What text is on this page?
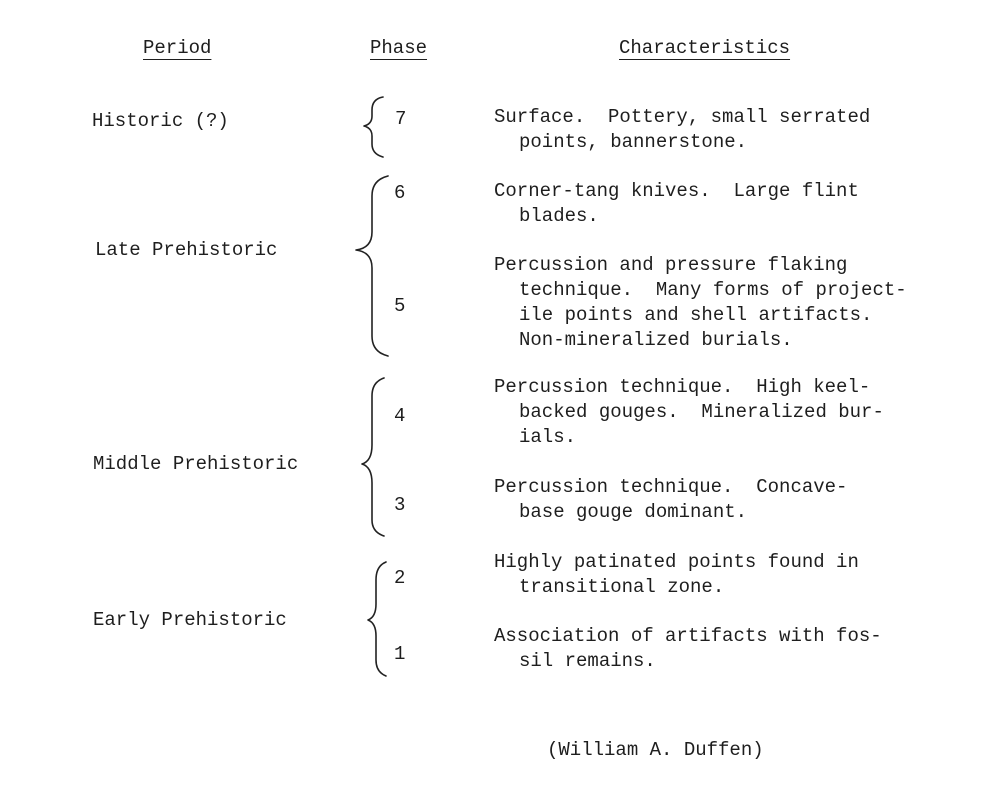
Period	Phase	Characteristics
Historic (?)
Late Prehistoric
Middle Prehistoric
Early Prehistoric
7
6
5
4
3
2
1
Surface.  Pottery, small serrated
points, bannerstone.
Corner-tang knives.  Large flint
blades.
Percussion and pressure flaking
technique.  Many forms of project-
ile points and shell artifacts.
Non-mineralized burials.
Percussion technique.  High keel-
backed gouges.  Mineralized bur-
ials.
Percussion technique.  Concave-
base gouge dominant.
Highly patinated points found in
transitional zone.
Association of artifacts with fos-
sil remains.
(William A. Duffen)
